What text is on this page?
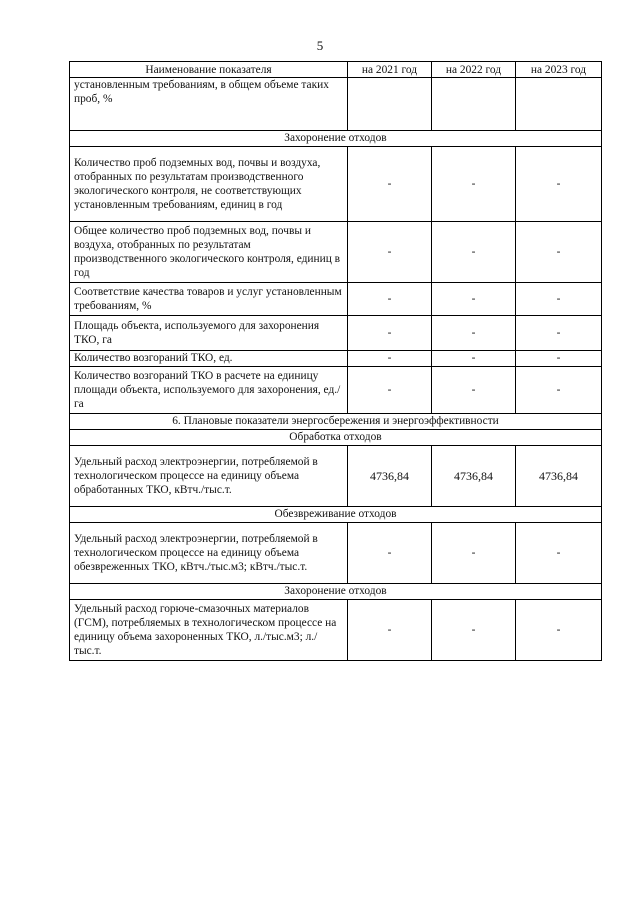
5
Наименование показателя	на 2021 год	на 2022 год	на 2023 год
установленным требованиям, в общем объеме таких проб, %			
Захоронение отходов			
Количество проб подземных вод, почвы и воздуха, отобранных по результатам производственного экологического контроля, не соответствующих установленным требованиям, единиц в год	-	-	-
Общее количество проб подземных вод, почвы и воздуха, отобранных по результатам производственного экологического контроля, единиц в год	-	-	-
Соответствие качества товаров и услуг установленным требованиям, %	-	-	-
Площадь объекта, используемого для захоронения ТКО, га	-	-	-
Количество возгораний ТКО, ед.	-	-	-
Количество возгораний ТКО в расчете на единицу площади объекта, используемого для захоронения, ед./га	-	-	-
6. Плановые показатели энергосбережения и энергоэффективности			
Обработка отходов			
Удельный расход электроэнергии, потребляемой в технологическом процессе на единицу объема обработанных ТКО, кВтч./тыс.т.	4736,84	4736,84	4736,84
Обезвреживание отходов			
Удельный расход электроэнергии, потребляемой в технологическом процессе на единицу объема обезвреженных ТКО, кВтч./тыс.м3; кВтч./тыс.т.	-	-	-
Захоронение отходов			
Удельный расход горюче-смазочных материалов (ГСМ), потребляемых в технологическом процессе на единицу объема захороненных ТКО, л./тыс.м3; л./тыс.т.	-	-	-
